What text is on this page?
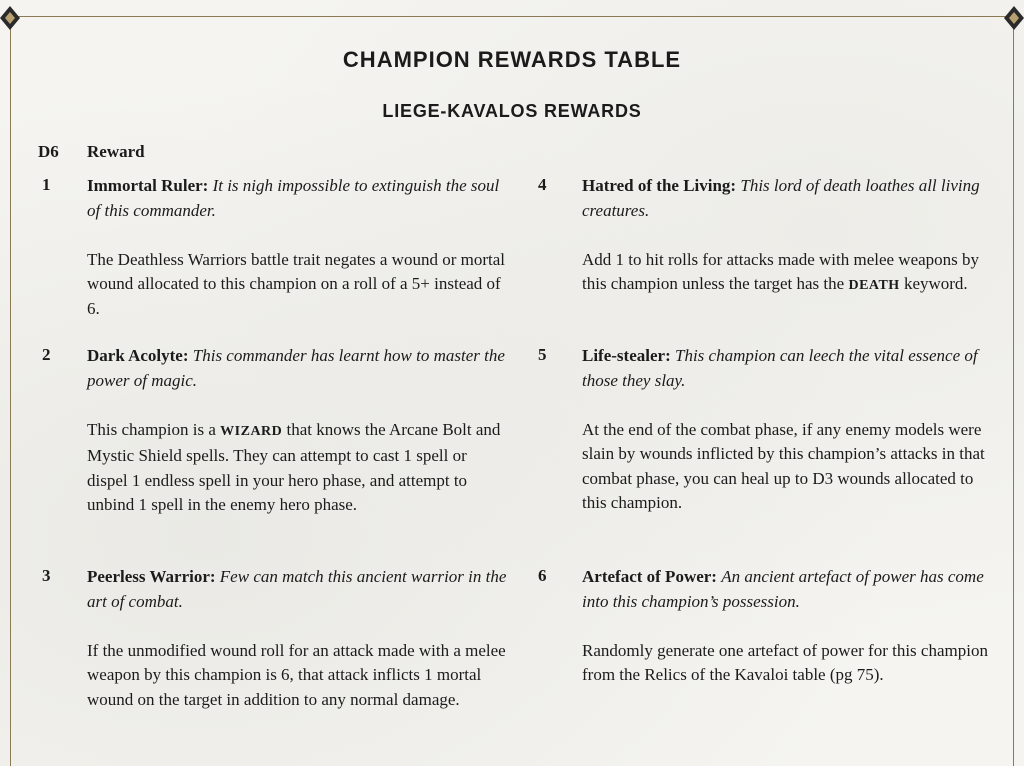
CHAMPION REWARDS TABLE
LIEGE-KAVALOS REWARDS
D6 Reward
1 Immortal Ruler: It is nigh impossible to extinguish the soul of this commander.
The Deathless Warriors battle trait negates a wound or mortal wound allocated to this champion on a roll of a 5+ instead of 6.
2 Dark Acolyte: This commander has learnt how to master the power of magic.
This champion is a WIZARD that knows the Arcane Bolt and Mystic Shield spells. They can attempt to cast 1 spell or dispel 1 endless spell in your hero phase, and attempt to unbind 1 spell in the enemy hero phase.
3 Peerless Warrior: Few can match this ancient warrior in the art of combat.
If the unmodified wound roll for an attack made with a melee weapon by this champion is 6, that attack inflicts 1 mortal wound on the target in addition to any normal damage.
4 Hatred of the Living: This lord of death loathes all living creatures.
Add 1 to hit rolls for attacks made with melee weapons by this champion unless the target has the DEATH keyword.
5 Life-stealer: This champion can leech the vital essence of those they slay.
At the end of the combat phase, if any enemy models were slain by wounds inflicted by this champion’s attacks in that combat phase, you can heal up to D3 wounds allocated to this champion.
6 Artefact of Power: An ancient artefact of power has come into this champion’s possession.
Randomly generate one artefact of power for this champion from the Relics of the Kavaloi table (pg 75).
